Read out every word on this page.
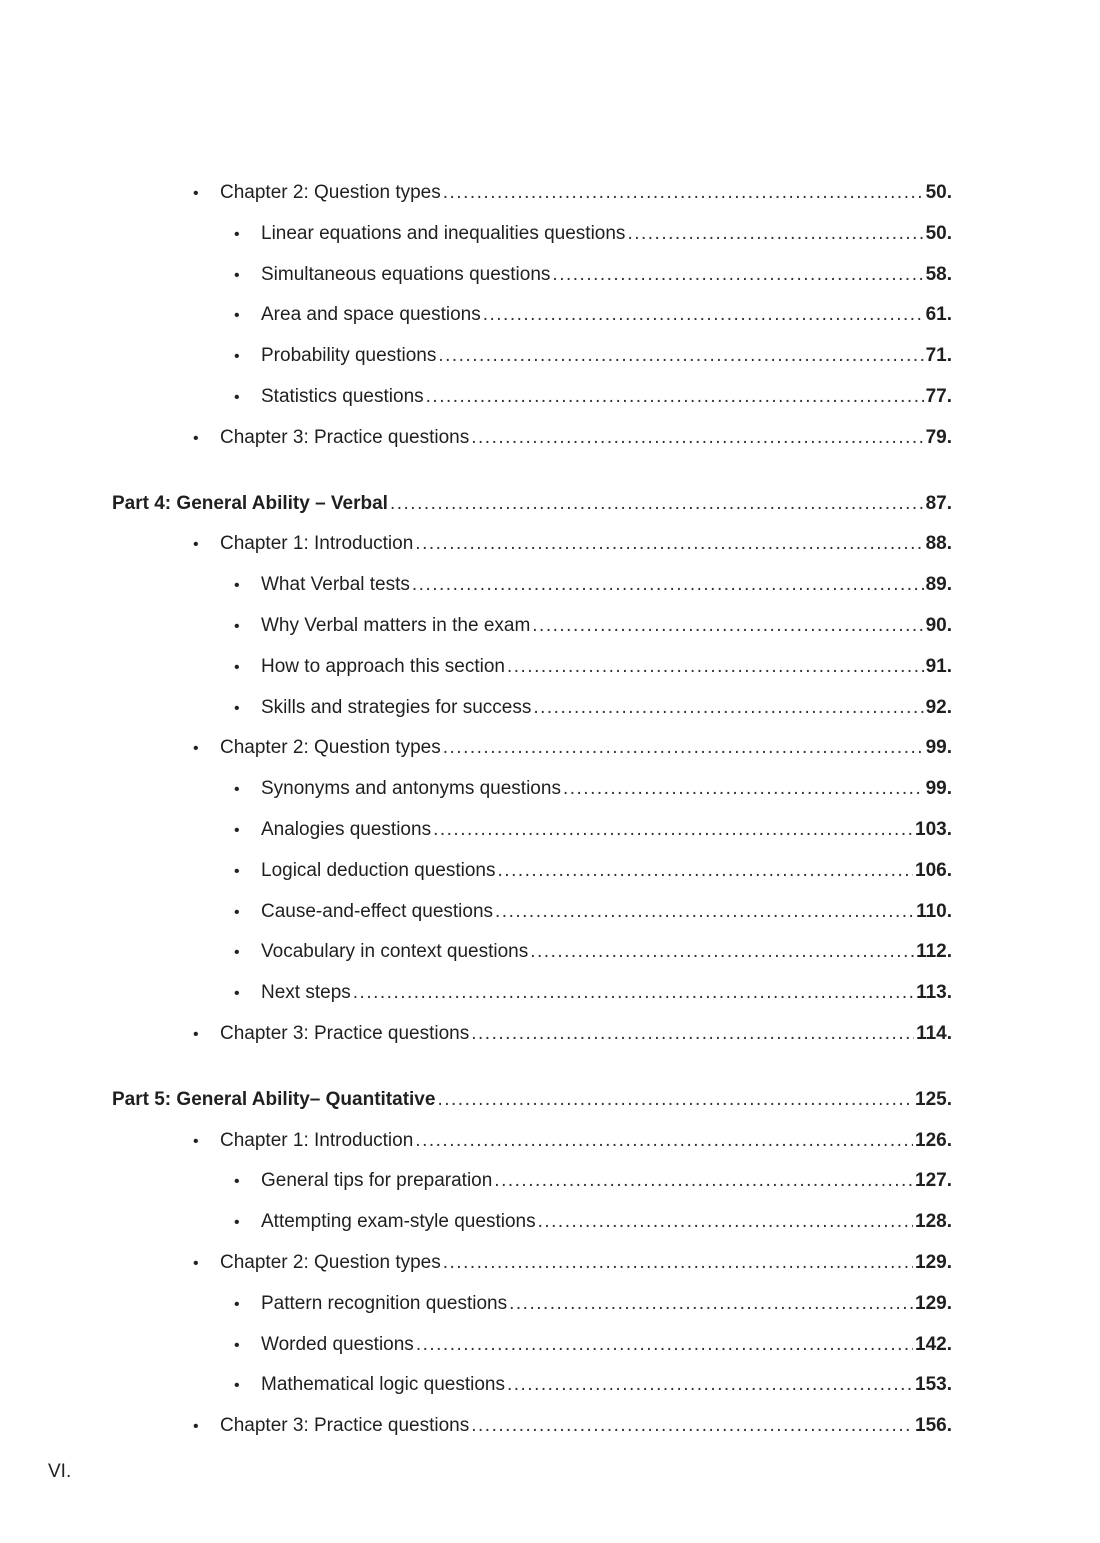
•	Chapter 2: Question types .....	50.
•	Linear equations and inequalities questions .....	50.
•	Simultaneous equations questions .....	58.
•	Area and space questions .....	61.
•	Probability questions .....	71.
•	Statistics questions .....	77.
•	Chapter 3: Practice questions .....	79.
Part 4: General Ability – Verbal .....	87.
•	Chapter 1: Introduction .....	88.
•	What Verbal tests .....	89.
•	Why Verbal matters in the exam .....	90.
•	How to approach this section .....	91.
•	Skills and strategies for success .....	92.
•	Chapter 2: Question types .....	99.
•	Synonyms and antonyms questions .....	99.
•	Analogies questions .....	103.
•	Logical deduction questions .....	106.
•	Cause-and-effect questions .....	110.
•	Vocabulary in context questions .....	112.
•	Next steps .....	113.
•	Chapter 3: Practice questions .....	114.
Part 5: General Ability– Quantitative .....	125.
•	Chapter 1: Introduction .....	126.
•	General tips for preparation .....	127.
•	Attempting exam-style questions .....	128.
•	Chapter 2: Question types .....	129.
•	Pattern recognition questions .....	129.
•	Worded questions .....	142.
•	Mathematical logic questions .....	153.
•	Chapter 3: Practice questions .....	156.
VI.
